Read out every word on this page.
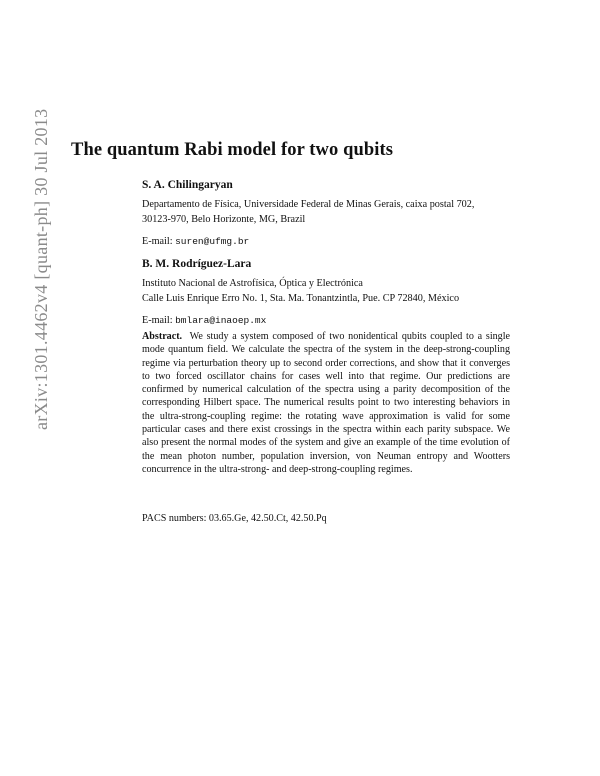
arXiv:1301.4462v4 [quant-ph] 30 Jul 2013 The quantum Rabi model for two qubits

S. A. Chilingaryan

Departamento de Física, Universidade Federal de Minas Gerais, caixa postal 702,

30123-970, Belo Horizonte, MG, Brazil

E-mail: suren@ufmg.br

B. M. Rodríguez-Lara

Instituto Nacional de Astrofísica, Óptica y Electrónica

Calle Luis Enrique Erro No. 1, Sta. Ma. Tonantzintla, Pue. CP 72840, México

E-mail: bmlara@inaoep.mx

Abstract. We study a system composed of two nonidentical qubits coupled to a single mode quantum field. We calculate the spectra of the system in the deep-strong-coupling regime via perturbation theory up to second order corrections, and show that it converges to two forced oscillator chains for cases well into that regime. Our predictions are confirmed by numerical calculation of the spectra using a parity decomposition of the corresponding Hilbert space. The numerical results point to two interesting behaviors in the ultra-strong-coupling regime: the rotating wave approximation is valid for some particular cases and there exist crossings in the spectra within each parity subspace. We also present the normal modes of the system and give an example of the time evolution of the mean photon number, population inversion, von Neuman entropy and Wootters concurrence in the ultra-strong- and deep-strong-coupling regimes.

PACS numbers: 03.65.Ge, 42.50.Ct, 42.50.Pq
